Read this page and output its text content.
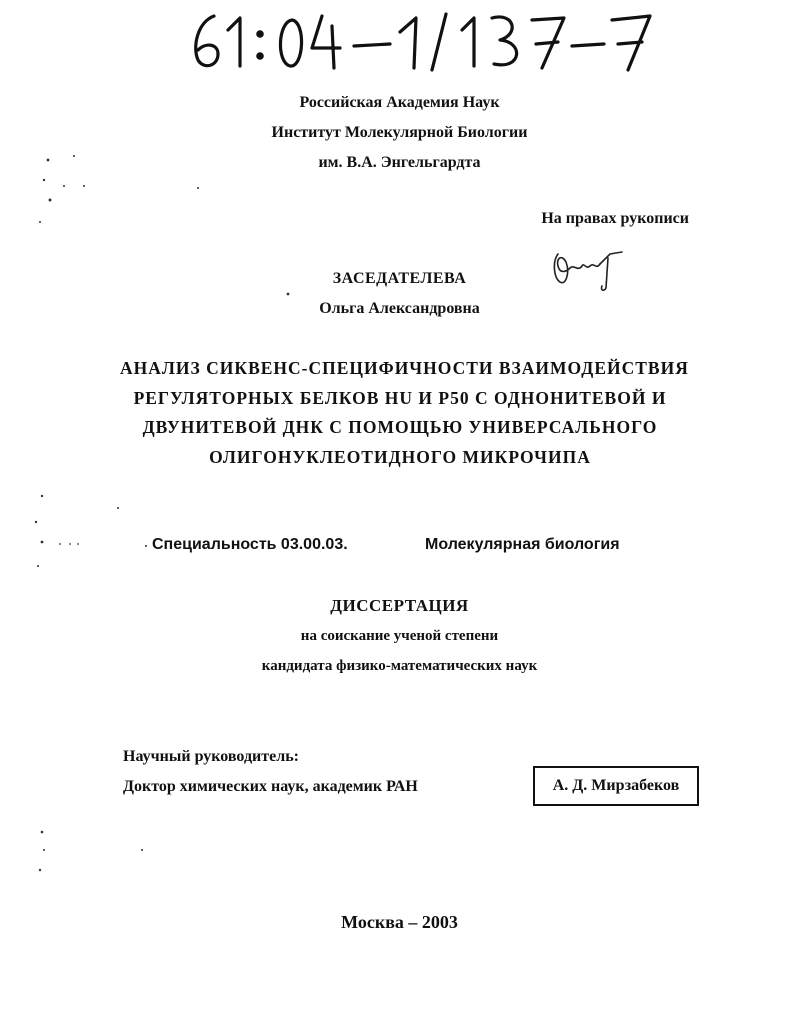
61:04-1/137-7
Российская Академия Наук
Институт Молекулярной Биологии
им. В.А. Энгельгардта
На правах рукописи
ЗАСЕДАТЕЛЕВА
Ольга Александровна
АНАЛИЗ СИКВЕНС-СПЕЦИФИЧНОСТИ ВЗАИМОДЕЙСТВИЯ
РЕГУЛЯТОРНЫХ БЕЛКОВ HU И P50 С ОДНОНИТЕВОЙ И
ДВУНИТЕВОЙ ДНК С ПОМОЩЬЮ УНИВЕРСАЛЬНОГО
ОЛИГОНУКЛЕОТИДНОГО МИКРОЧИПА
Специальность 03.00.03.	Молекулярная биология
ДИССЕРТАЦИЯ
на соискание ученой степени
кандидата физико-математических наук
Научный руководитель:
Доктор химических наук, академик РАН	А. Д. Мирзабеков
Москва – 2003
